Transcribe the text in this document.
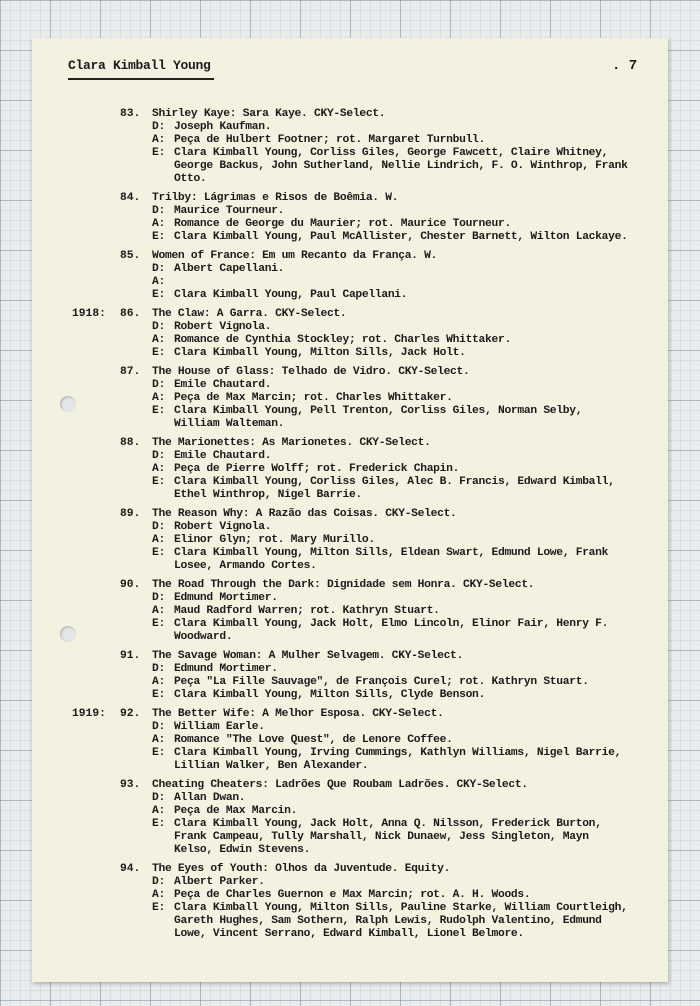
Clara Kimball Young	. 7
83. Shirley Kaye: Sara Kaye. CKY-Select.
D: Joseph Kaufman.
A: Peça de Hulbert Footner; rot. Margaret Turnbull.
E: Clara Kimball Young, Corliss Giles, George Fawcett, Claire Whitney, George Backus, John Sutherland, Nellie Lindrich, F. O. Winthrop, Frank Otto.
84. Trilby: Lágrimas e Risos de Boêmia. W.
D: Maurice Tourneur.
A: Romance de George du Maurier; rot. Maurice Tourneur.
E: Clara Kimball Young, Paul McAllister, Chester Barnett, Wilton Lackaye.
85. Women of France: Em um Recanto da França. W.
D: Albert Capellani.
A:
E: Clara Kimball Young, Paul Capellani.
1918: 86. The Claw: A Garra. CKY-Select.
D: Robert Vignola.
A: Romance de Cynthia Stockley; rot. Charles Whittaker.
E: Clara Kimball Young, Milton Sills, Jack Holt.
87. The House of Glass: Telhado de Vidro. CKY-Select.
D: Emile Chautard.
A: Peça de Max Marcin; rot. Charles Whittaker.
E: Clara Kimball Young, Pell Trenton, Corliss Giles, Norman Selby, William Walteman.
88. The Marionettes: As Marionetes. CKY-Select.
D: Emile Chautard.
A: Peça de Pierre Wolff; rot. Frederick Chapin.
E: Clara Kimball Young, Corliss Giles, Alec B. Francis, Edward Kimball, Ethel Winthrop, Nigel Barrie.
89. The Reason Why: A Razão das Coisas. CKY-Select.
D: Robert Vignola.
A: Elinor Glyn; rot. Mary Murillo.
E: Clara Kimball Young, Milton Sills, Eldean Swart, Edmund Lowe, Frank Losee, Armando Cortes.
90. The Road Through the Dark: Dignidade sem Honra. CKY-Select.
D: Edmund Mortimer.
A: Maud Radford Warren; rot. Kathryn Stuart.
E: Clara Kimball Young, Jack Holt, Elmo Lincoln, Elinor Fair, Henry F. Woodward.
91. The Savage Woman: A Mulher Selvagem. CKY-Select.
D: Edmund Mortimer.
A: Peça "La Fille Sauvage", de François Curel; rot. Kathryn Stuart.
E: Clara Kimball Young, Milton Sills, Clyde Benson.
1919: 92. The Better Wife: A Melhor Esposa. CKY-Select.
D: William Earle.
A: Romance "The Love Quest", de Lenore Coffee.
E: Clara Kimball Young, Irving Cummings, Kathlyn Williams, Nigel Barrie, Lillian Walker, Ben Alexander.
93. Cheating Cheaters: Ladrões Que Roubam Ladrões. CKY-Select.
D: Allan Dwan.
A: Peça de Max Marcin.
E: Clara Kimball Young, Jack Holt, Anna Q. Nilsson, Frederick Burton, Frank Campeau, Tully Marshall, Nick Dunaew, Jess Singleton, Mayn Kelso, Edwin Stevens.
94. The Eyes of Youth: Olhos da Juventude. Equity.
D: Albert Parker.
A: Peça de Charles Guernon e Max Marcin; rot. A. H. Woods.
E: Clara Kimball Young, Milton Sills, Pauline Starke, William Courtleigh, Gareth Hughes, Sam Sothern, Ralph Lewis, Rudolph Valentino, Edmund Lowe, Vincent Serrano, Edward Kimball, Lionel Belmore.
